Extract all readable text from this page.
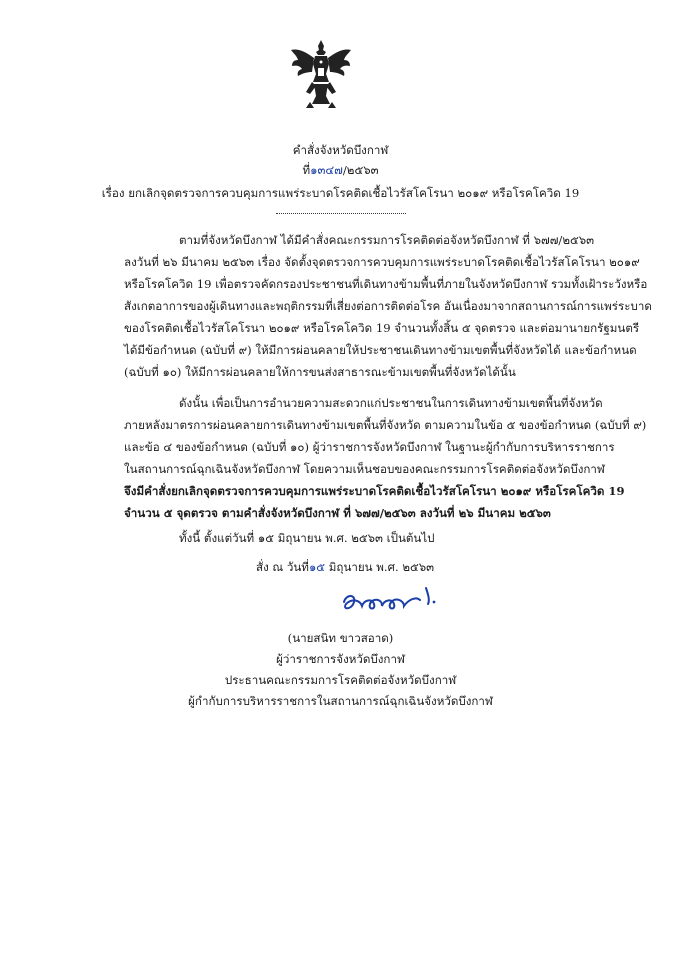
คำสั่งจังหวัดบึงกาฬ
ที่๑๓๔๗/๒๕๖๓
เรื่อง ยกเลิกจุดตรวจการควบคุมการแพร่ระบาดโรคติดเชื้อไวรัสโคโรนา ๒๐๑๙ หรือโรคโควิด 19
ตามที่จังหวัดบึงกาฬ ได้มีคำสั่งคณะกรรมการโรคติดต่อจังหวัดบึงกาฬ ที่ ๖๗๗/๒๕๖๓
ลงวันที่ ๒๖ มีนาคม ๒๕๖๓ เรื่อง จัดตั้งจุดตรวจการควบคุมการแพร่ระบาดโรคติดเชื้อไวรัสโคโรนา ๒๐๑๙
หรือโรคโควิด 19 เพื่อตรวจคัดกรองประชาชนที่เดินทางข้ามพื้นที่ภายในจังหวัดบึงกาฬ รวมทั้งเฝ้าระวังหรือ
สังเกตอาการของผู้เดินทางและพฤติกรรมที่เสี่ยงต่อการติดต่อโรค อันเนื่องมาจากสถานการณ์การแพร่ระบาด
ของโรคติดเชื้อไวรัสโคโรนา ๒๐๑๙ หรือโรคโควิด 19 จำนวนทั้งสิ้น ๕ จุดตรวจ และต่อมานายกรัฐมนตรี
ได้มีข้อกำหนด (ฉบับที่ ๙) ให้มีการผ่อนคลายให้ประชาชนเดินทางข้ามเขตพื้นที่จังหวัดได้ และข้อกำหนด
(ฉบับที่ ๑๐) ให้มีการผ่อนคลายให้การขนส่งสาธารณะข้ามเขตพื้นที่จังหวัดได้นั้น
ดังนั้น เพื่อเป็นการอำนวยความสะดวกแก่ประชาชนในการเดินทางข้ามเขตพื้นที่จังหวัด
ภายหลังมาตรการผ่อนคลายการเดินทางข้ามเขตพื้นที่จังหวัด ตามความในข้อ ๕ ของข้อกำหนด (ฉบับที่ ๙)
และข้อ ๔ ของข้อกำหนด (ฉบับที่ ๑๐) ผู้ว่าราชการจังหวัดบึงกาฬ ในฐานะผู้กำกับการบริหารราชการ
ในสถานการณ์ฉุกเฉินจังหวัดบึงกาฬ โดยความเห็นชอบของคณะกรรมการโรคติดต่อจังหวัดบึงกาฬ
จึงมีคำสั่งยกเลิกจุดตรวจการควบคุมการแพร่ระบาดโรคติดเชื้อไวรัสโคโรนา ๒๐๑๙ หรือโรคโควิด 19
จำนวน ๕ จุดตรวจ ตามคำสั่งจังหวัดบึงกาฬ ที่ ๖๗๗/๒๕๖๓ ลงวันที่ ๒๖ มีนาคม ๒๕๖๓
ทั้งนี้ ตั้งแต่วันที่ ๑๕ มิถุนายน พ.ศ. ๒๕๖๓ เป็นต้นไป
สั่ง ณ วันที่๑๕ มิถุนายน พ.ศ. ๒๕๖๓
(นายสนิท ขาวสอาด)
ผู้ว่าราชการจังหวัดบึงกาฬ
ประธานคณะกรรมการโรคติดต่อจังหวัดบึงกาฬ
ผู้กำกับการบริหารราชการในสถานการณ์ฉุกเฉินจังหวัดบึงกาฬ
